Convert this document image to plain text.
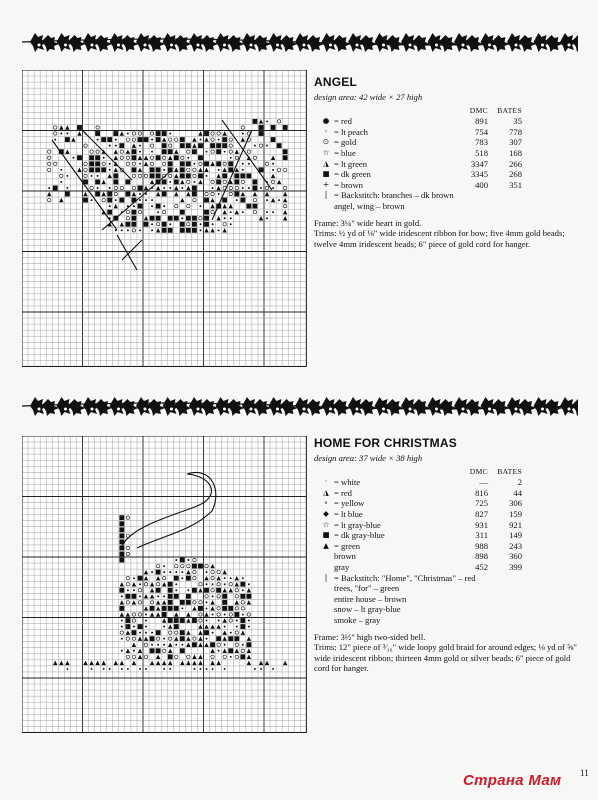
ANGEL
design area: 42 wide × 27 high
		DMC	BATES
●	= red	891	35
◦	= lt peach	754	778
⊙	= gold	783	307
☆	= blue	518	168
◮	= lt green	3347	266
■	= dk green	3345	268
+	= brown	400	351
|	= Backstitch: branches – dk brown
angel, wing – brown		

Frame: 3¼" wide heart in gold.

Trims: ½ yd of ⅛" wide iridescent ribbon for bow; five 4mm gold beads; twelve 4mm iridescent beads; 6" piece of gold cord for hanger.

HOME FOR CHRISTMAS
design area: 37 wide × 38 high
		DMC	BATES
·	= white	—	2
◮	= red	816	44
∘	= yellow	725	306
◆	= lt blue	827	159
☆	= lt gray-blue	931	921
■	= dk gray-blue	311	149
▲	= green	988	243
	brown	898	360
	gray	452	399
|	= Backstitch: "Home", "Christmas" – red
trees, "for" – green
entire house – brown
snow – lt gray-blue
smoke – gray		

Frame: 3½" high two-sided bell.

Trims: 12" piece of ³⁄₁₆" wide loopy gold braid for around edges; ⅛ yd of ⅝" wide iridescent ribbon; thirteen 4mm gold or silver beads; 6" piece of gold cord for hanger.

Страна Мам 11
